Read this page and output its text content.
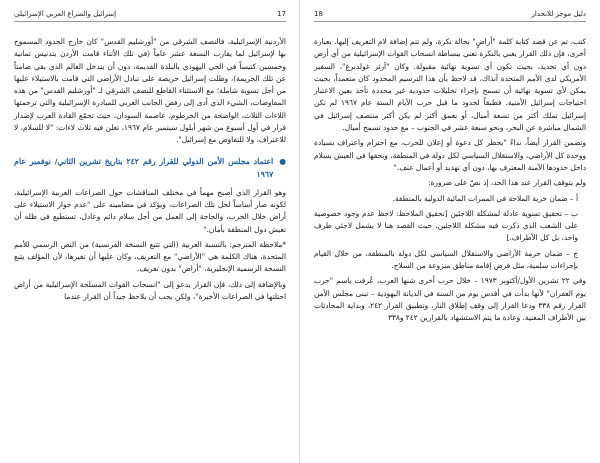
17
إسرائيل والصراع العربي الإسرائيلي

الأردنية الإسرائيلية، فالنصف الشرقي من "أورشليم القدس" كان خارج الحدود المسموح بها لإسرائيل لما يقارب النسعة عشر عاماً (في تلك الأثناء قامت الأردن بتدنيس ثمانية وخمسين كنيساً في الحي اليهودي بالبلدة القديمة، دون أن يتدخل العالم الذي بقي صامتاً عن تلك الجريمة)، وظلت إسرائيل حريصة على تبادل الأراضي التي قامت بالاستيلاء عليها من أجل تسوية شاملة؛ مع الاستثناء القاطع للنصف الشرقي لـ "أورشليم القدس" من هذه المفاوضات، الشيء الذي أدى إلى رفض الجانب العربي للمبادرة الإسرائيلية والتي ترجمتها اللاءات الثلاث، الواضحة من الخرطوم، عاصمة السودان، حيث تجمّع القادة العرب لإصدار قرار في أول أسبوع من شهر أيلول سبتمبر عام ١٩٦٧، تعلن فيه ثلاث لاءات: "لا للسلام، لا للاعتراف، ولا للتفاوض مع إسرائيل".

●
اعتماد مجلس الأمن الدولي للقرار رقم ٢٤٢ بتاريخ تشرين الثاني/ نوفمبر عام ١٩٦٧

وهو القرار الذي أصبح مهماً في مختلف المناقشات حول الصراعات العربية الإسرائيلية، لكونه صار أساساً لحل تلك الصراعات، ويؤكد في مضامينه على "عدم جواز الاستيلاء على أراض خلال الحرب، والحاجة إلى العمل من أجل سلام دائم وعادل، تستطيع في ظله أن تعيش دول المنطقة بأمان."

*ملاحظة المترجم: بالنسبة العربية (التي تتبع النسخة الفرنسية) من النص الرسمي للأمم المتحدة، هناك الكلمة هي "الأراضي" مع التعريف، وكان عليها أن تغيرها، لأن المؤلف يتبع النسخة الرسمية الإنجليزية، "أراض" بدون تعريف.

وبالإضافة إلى ذلك، فإن القرار يدعو إلى "انسحاب القوات المسلحة الإسرائيلية من أراض احتلتها في الصراعات الأخيرة"، ولكن يجب أن يلاحظ جيداً أن القرار عندما

دليل موجز للانحدار
18

كتب، تم عن قصد كتابة كلمة "أراضٍ" بحالة نكرة، ولم تتم إضافة لام التعريف إليها. بعبارة أخرى، فإن ذلك القرار يعني بالنكرة تعني ببساطة انسحاب القوات الإسرائيلية من أي أرض دون أي تحديد، بحيث تكون أي تسوية نهائية مقبولة. وكان "آرثر غولدبرغ"، السفير الأمريكي لدى الأمم المتحدة آنذاك، قد لاحظ بأن هذا الترسيم المحدود كان متعمداً، بحيث يمكن لأي تسوية نهائية أن تسمح بإجراء تحليلات حدودية غير محددة تأخذ بعين الاعتبار احتياجات إسرائيل الأمنية. فطبقاً لحدود ما قبل حرب الأيام الستة عام ١٩٦٧ لم تكن إسرائيل تملك أكثر من تسعة أميال، أو بعمق أكثر لم يكن أكثر منتصف إسرائيل في الشمال مباشرة عن البحر، ونحو سبعة عشر في الجنوب – مع حدود تسمح أميال.

وتضمن القرار أيضاً، نداءً "بحظر كل دعوة أو إعلان للحرب، مع احترام واعتراف بسيادة ووحدة كل الأراضي، والاستقلال السياسي لكل دولة في المنطقة، وبحقها في العيش بسلام داخل حدودها الآمنة المعترف بها، دون أي تهديد أو أعمال عنف."

ولم يتوقف القرار عند هذا الحد، إذ نصّ على ضرورة:

أ – ضمان حرية الملاحة في الممرات المائية الدولية بالمنطقة.

ب – تحقيق تسوية عادلة لمشكلة اللاجئين [تحقيق الملاحظ: لاحظ عدم وجود خصوصية على الشعب الذي ذكرت فيه مشكلة اللاجئين، حيث القصد هنا لا يشمل لاجئي طرف واحد، بل كل الأطراف.]

ج – ضمان حرمة الأراضي والاستقلال السياسي لكل دولة بالمنطقة، من خلال القيام بإجراءات سلمية، مثل فرض إقامة مناطق منزوعة من السلاح.

وفي ٢٢ تشرين الأول/أكتوبر ١٩٧٣ – خلال حرب أخرى شنها العرب، عُرفت باسم "حرب يوم الغفران" لأنها بدأت في أقدس يوم من السنة في الديانة اليهودية – تبنى مجلس الأمن القرار رقم ٣٣٨ ودعا القرار إلى وقف إطلاق النار، وتطبيق القرار ٢٤٢، وبداية المحادثات بين الأطراف المعنية. وعادة ما يتم الاستشهاد بالقرارين ٢٤٢ و٣٣٨
